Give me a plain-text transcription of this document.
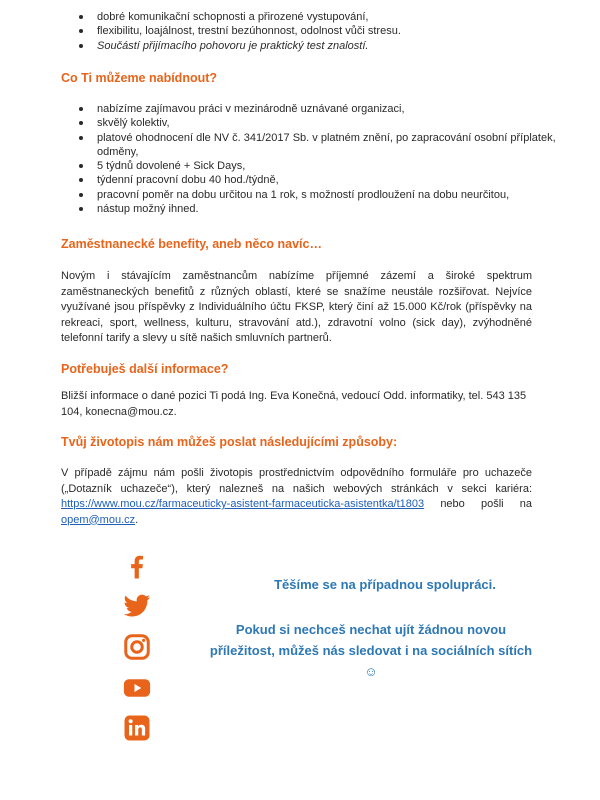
dobré komunikační schopnosti a přirozené vystupování,
flexibilitu, loajálnost, trestní bezúhonnost, odolnost vůči stresu.
Součástí přijímacího pohovoru je praktický test znalostí.
Co Ti můžeme nabídnout?
nabízíme zajímavou práci v mezinárodně uznávané organizaci,
skvělý kolektiv,
platové ohodnocení dle NV č. 341/2017 Sb. v platném znění, po zapracování osobní příplatek, odměny,
5 týdnů dovolené + Sick Days,
týdenní pracovní dobu 40 hod./týdně,
pracovní poměr na dobu určitou na 1 rok, s možností prodloužení na dobu neurčitou,
nástup možný ihned.
Zaměstnanecké benefity, aneb něco navíc…
Novým i stávajícím zaměstnancům nabízíme příjemné zázemí a široké spektrum zaměstnaneckých benefitů z různých oblastí, které se snažíme neustále rozšiřovat. Nejvíce využívané jsou příspěvky z Individuálního účtu FKSP, který činí až 15.000 Kč/rok (příspěvky na rekreaci, sport, wellness, kulturu, stravování atd.), zdravotní volno (sick day), zvýhodněné telefonní tarify a slevy u sítě našich smluvních partnerů.
Potřebuješ další informace?
Bližší informace o dané pozici Ti podá Ing. Eva Konečná, vedoucí Odd. informatiky, tel. 543 135 104, konecna@mou.cz.
Tvůj životopis nám můžeš poslat následujícími způsoby:
V případě zájmu nám pošli životopis prostřednictvím odpovědního formuláře pro uchazeče („Dotazník uchazeče“), který nalezneš na našich webových stránkách v sekci kariéra: https://www.mou.cz/farmaceuticky-asistent-farmaceuticka-asistentka/t1803 nebo pošli na opem@mou.cz.
Těšíme se na případnou spolupráci.
Pokud si nechceš nechat ujít žádnou novou příležitost, můžeš nás sledovat i na sociálních sítích ☺
